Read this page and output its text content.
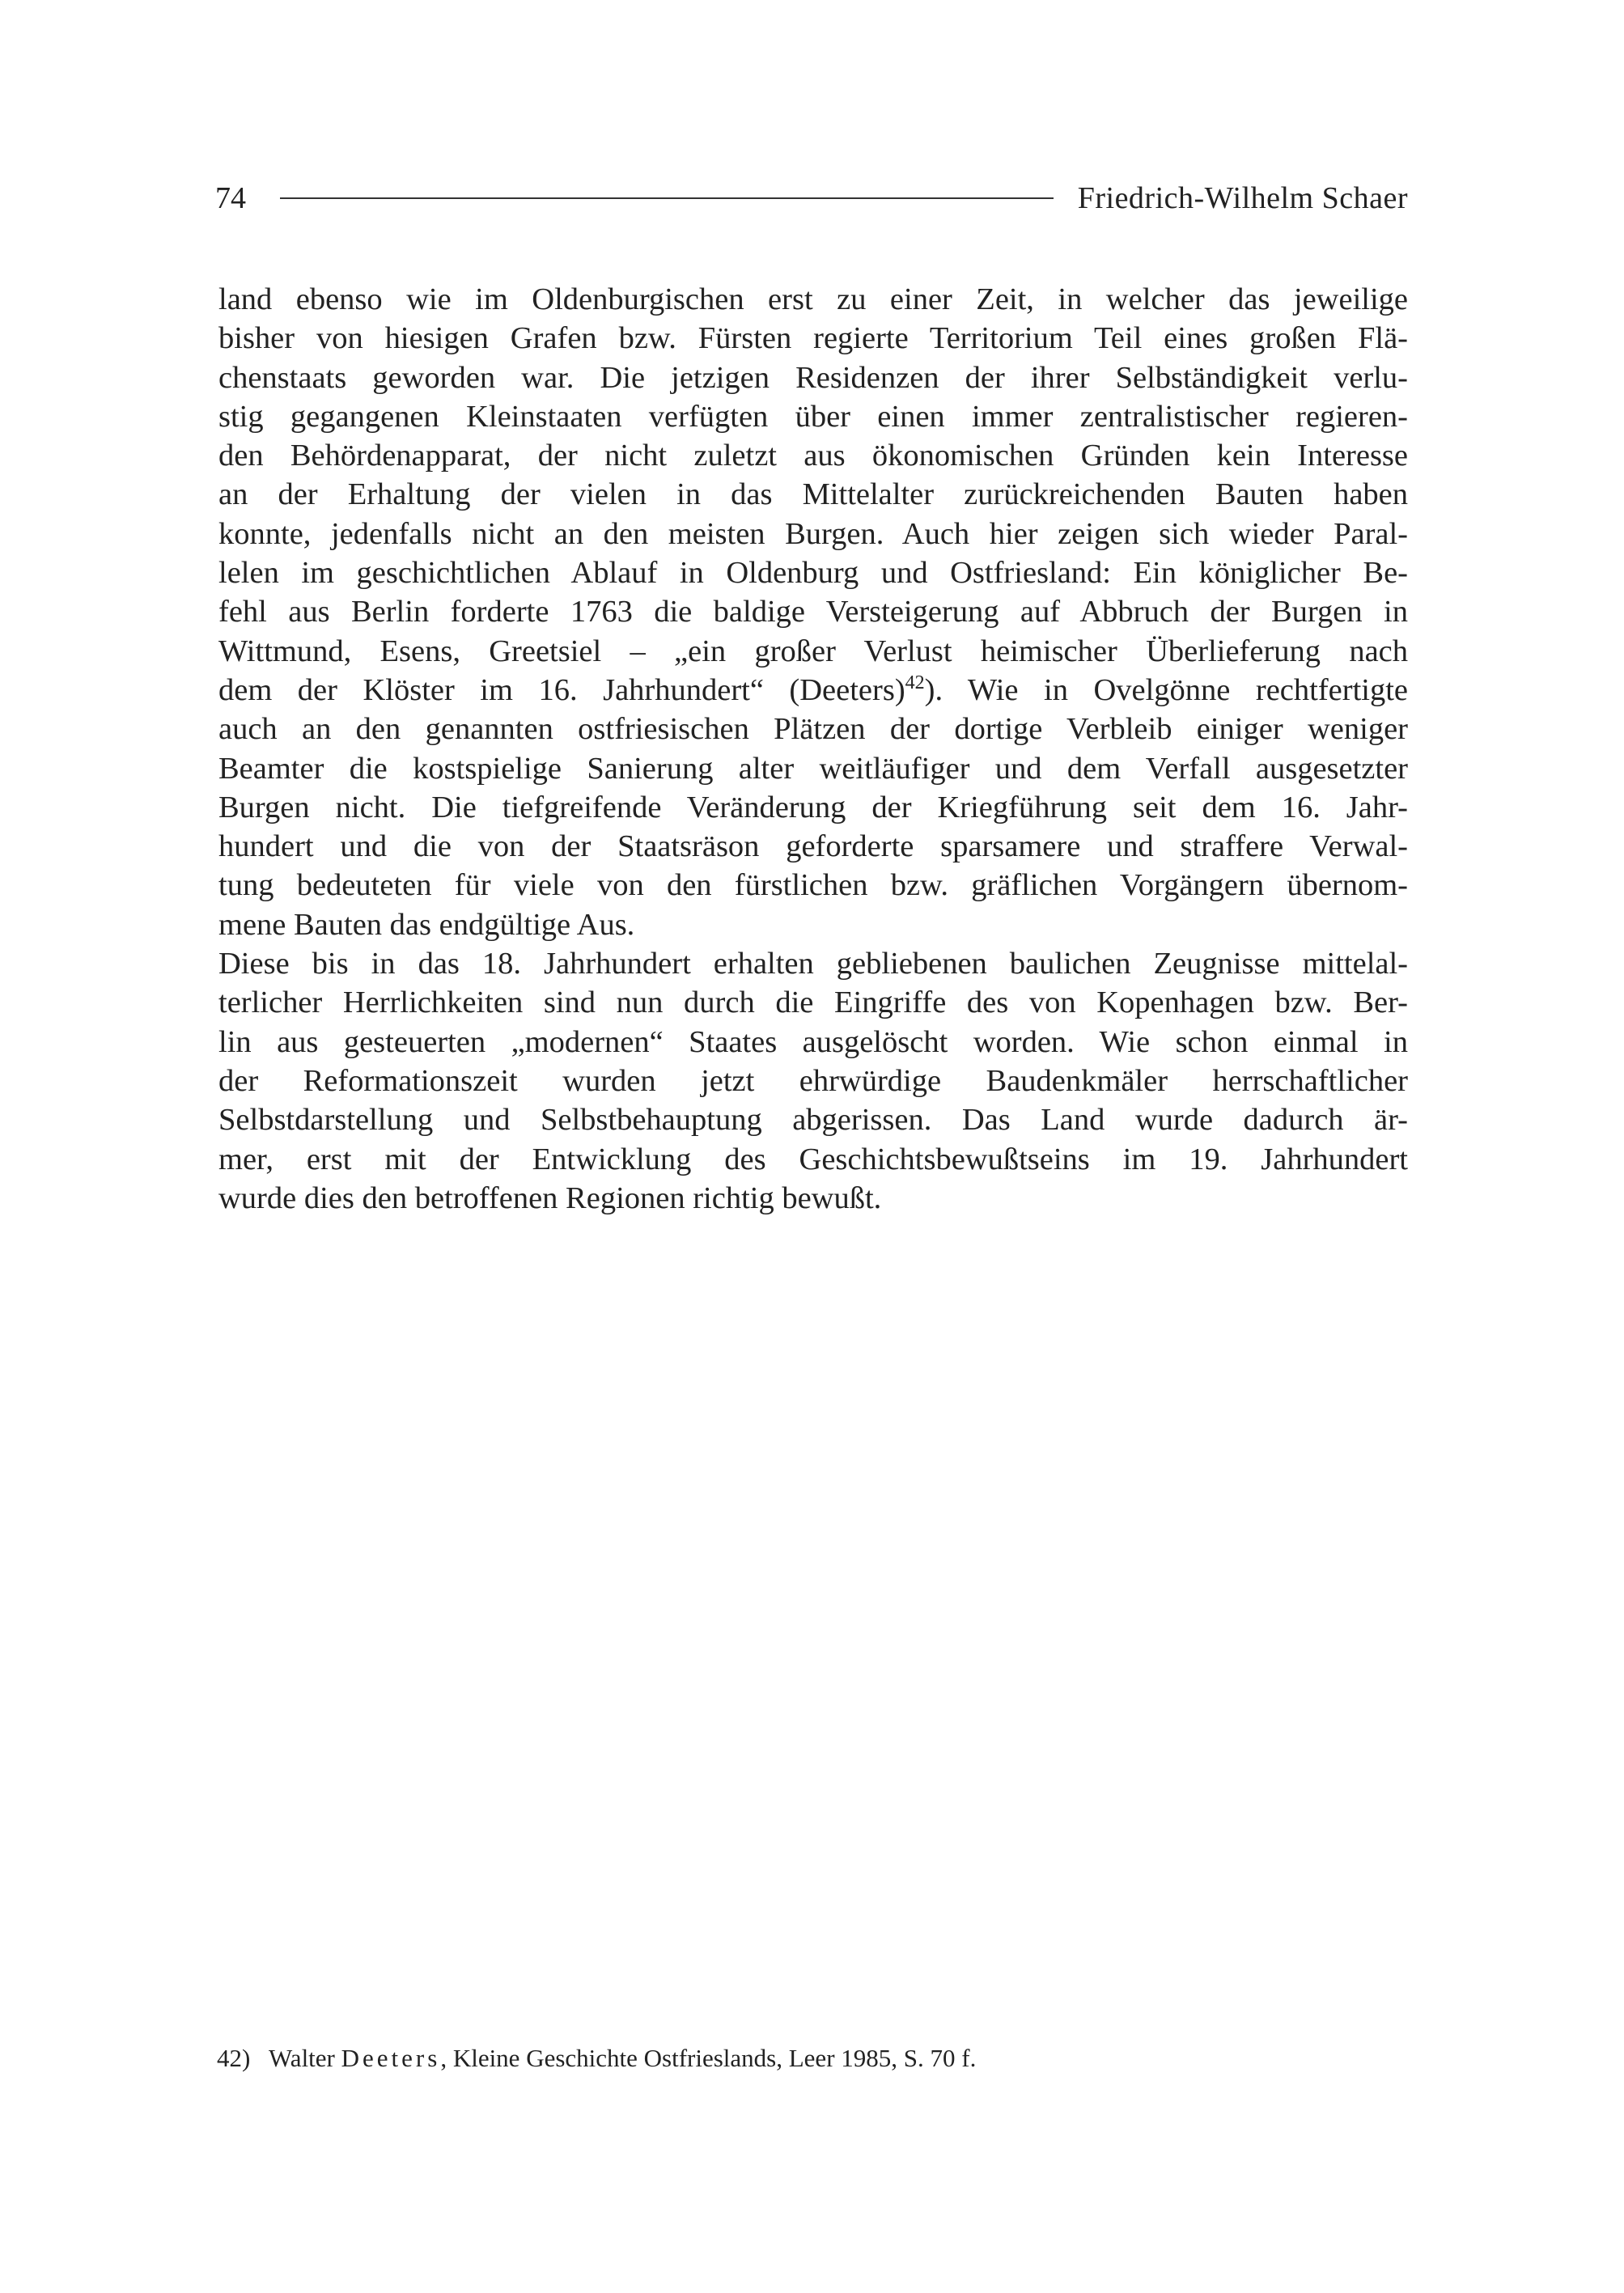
74	Friedrich-Wilhelm Schaer
land ebenso wie im Oldenburgischen erst zu einer Zeit, in welcher das jeweilige
bisher von hiesigen Grafen bzw. Fürsten regierte Territorium Teil eines großen Flä-
chenstaats geworden war. Die jetzigen Residenzen der ihrer Selbständigkeit verlu-
stig gegangenen Kleinstaaten verfügten über einen immer zentralistischer regieren-
den Behördenapparat, der nicht zuletzt aus ökonomischen Gründen kein Interesse
an der Erhaltung der vielen in das Mittelalter zurückreichenden Bauten haben
konnte, jedenfalls nicht an den meisten Burgen. Auch hier zeigen sich wieder Paral-
lelen im geschichtlichen Ablauf in Oldenburg und Ostfriesland: Ein königlicher Be-
fehl aus Berlin forderte 1763 die baldige Versteigerung auf Abbruch der Burgen in
Wittmund, Esens, Greetsiel – „ein großer Verlust heimischer Überlieferung nach
dem der Klöster im 16. Jahrhundert“ (Deeters)$^{42}$). Wie in Ovelgönne rechtfertigte
auch an den genannten ostfriesischen Plätzen der dortige Verbleib einiger weniger
Beamter die kostspielige Sanierung alter weitläufiger und dem Verfall ausgesetzter
Burgen nicht. Die tiefgreifende Veränderung der Kriegführung seit dem 16. Jahr-
hundert und die von der Staatsräson geforderte sparsamere und straffere Verwal-
tung bedeuteten für viele von den fürstlichen bzw. gräflichen Vorgängern übernom-
mene Bauten das endgültige Aus.
Diese bis in das 18. Jahrhundert erhalten gebliebenen baulichen Zeugnisse mittelal-
terlicher Herrlichkeiten sind nun durch die Eingriffe des von Kopenhagen bzw. Ber-
lin aus gesteuerten „modernen“ Staates ausgelöscht worden. Wie schon einmal in
der Reformationszeit wurden jetzt ehrwürdige Baudenkmäler herrschaftlicher
Selbstdarstellung und Selbstbehauptung abgerissen. Das Land wurde dadurch är-
mer, erst mit der Entwicklung des Geschichtsbewußtseins im 19. Jahrhundert
wurde dies den betroffenen Regionen richtig bewußt.
42) Walter Deeters, Kleine Geschichte Ostfrieslands, Leer 1985, S. 70 f.
